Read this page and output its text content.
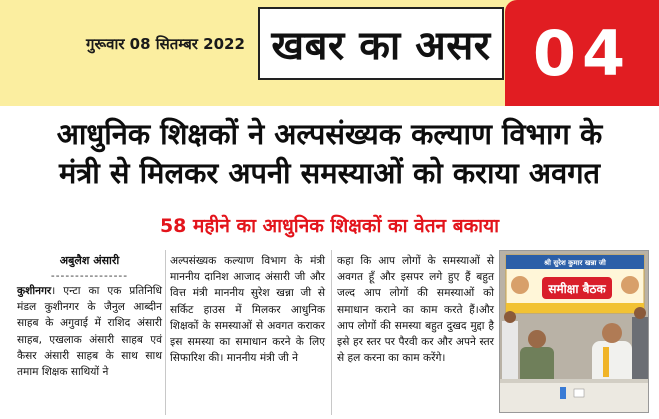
गुरूवार 08 सितम्बर 2022 खबर का असर 04
आधुनिक शिक्षकों ने अल्पसंख्यक कल्याण विभाग के
मंत्री से मिलकर अपनी समस्याओं को कराया अवगत
58 महीने का आधुनिक शिक्षकों का वेतन बकाया
अबुलैश अंसारी
----------------
कुशीनगर। एन्टा का एक प्रतिनिधि मंडल कुशीनगर के जैनुल आब्दीन साहब के अगुवाई में राशिद अंसारी साहब, एखलाक अंसारी साहब एवं कैसर अंसारी साहब के साथ साथ तमाम शिक्षक साथियों ने
अल्पसंख्यक कल्याण विभाग के मंत्री माननीय दानिश आजाद अंसारी जी और वित्त मंत्री माननीय सुरेश खन्ना जी से सर्किट हाउस में मिलकर आधुनिक शिक्षकों के समस्याओं से अवगत कराकर इस समस्या का समाधान करने के लिए सिफारिश की। माननीय मंत्री जी ने
कहा कि आप लोगों के समस्याओं से अवगत हूँ और इसपर लगे हुए हैं बहुत जल्द आप लोगों की समस्याओं को समाधान कराने का काम करते हैं।और आप लोगों की समस्या बहुत दुखद मुद्दा है इसे हर स्तर पर पैरवी कर और अपने स्तर से हल करना का काम करेंगे।
श्री सुरेश कुमार खन्ना जी
समीक्षा बैठक
